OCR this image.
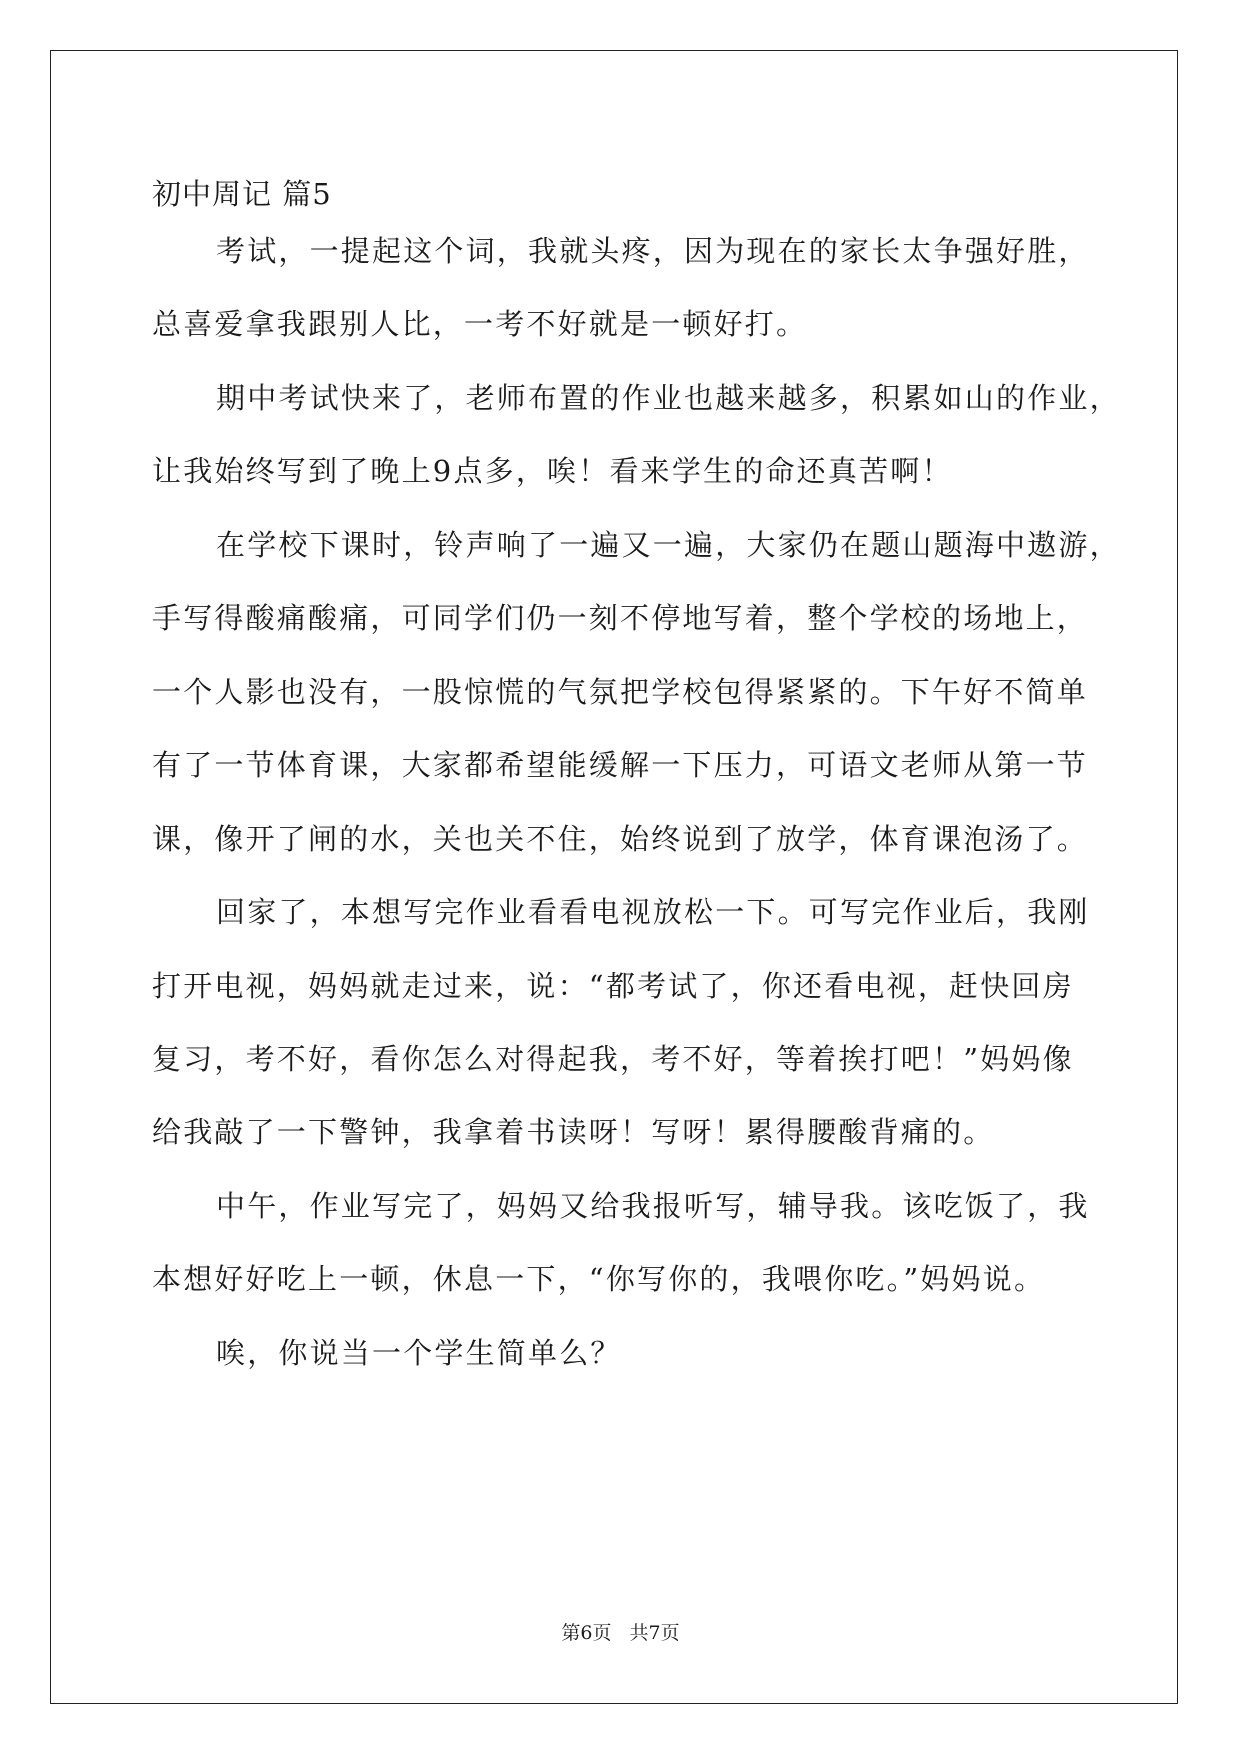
初中周记 篇5
考试，一提起这个词，我就头疼，因为现在的家长太争强好胜，
总喜爱拿我跟别人比，一考不好就是一顿好打。
期中考试快来了，老师布置的作业也越来越多，积累如山的作业，
让我始终写到了晚上9点多，唉！看来学生的命还真苦啊！
在学校下课时，铃声响了一遍又一遍，大家仍在题山题海中遨游，
手写得酸痛酸痛，可同学们仍一刻不停地写着，整个学校的场地上，
一个人影也没有，一股惊慌的气氛把学校包得紧紧的。下午好不简单
有了一节体育课，大家都希望能缓解一下压力，可语文老师从第一节
课，像开了闸的水，关也关不住，始终说到了放学，体育课泡汤了。
回家了，本想写完作业看看电视放松一下。可写完作业后，我刚
打开电视，妈妈就走过来，说：“都考试了，你还看电视，赶快回房
复习，考不好，看你怎么对得起我，考不好，等着挨打吧！”妈妈像
给我敲了一下警钟，我拿着书读呀！写呀！累得腰酸背痛的。
中午，作业写完了，妈妈又给我报听写，辅导我。该吃饭了，我
本想好好吃上一顿，休息一下，“你写你的，我喂你吃。”妈妈说。
唉，你说当一个学生简单么？
第6页 共7页
